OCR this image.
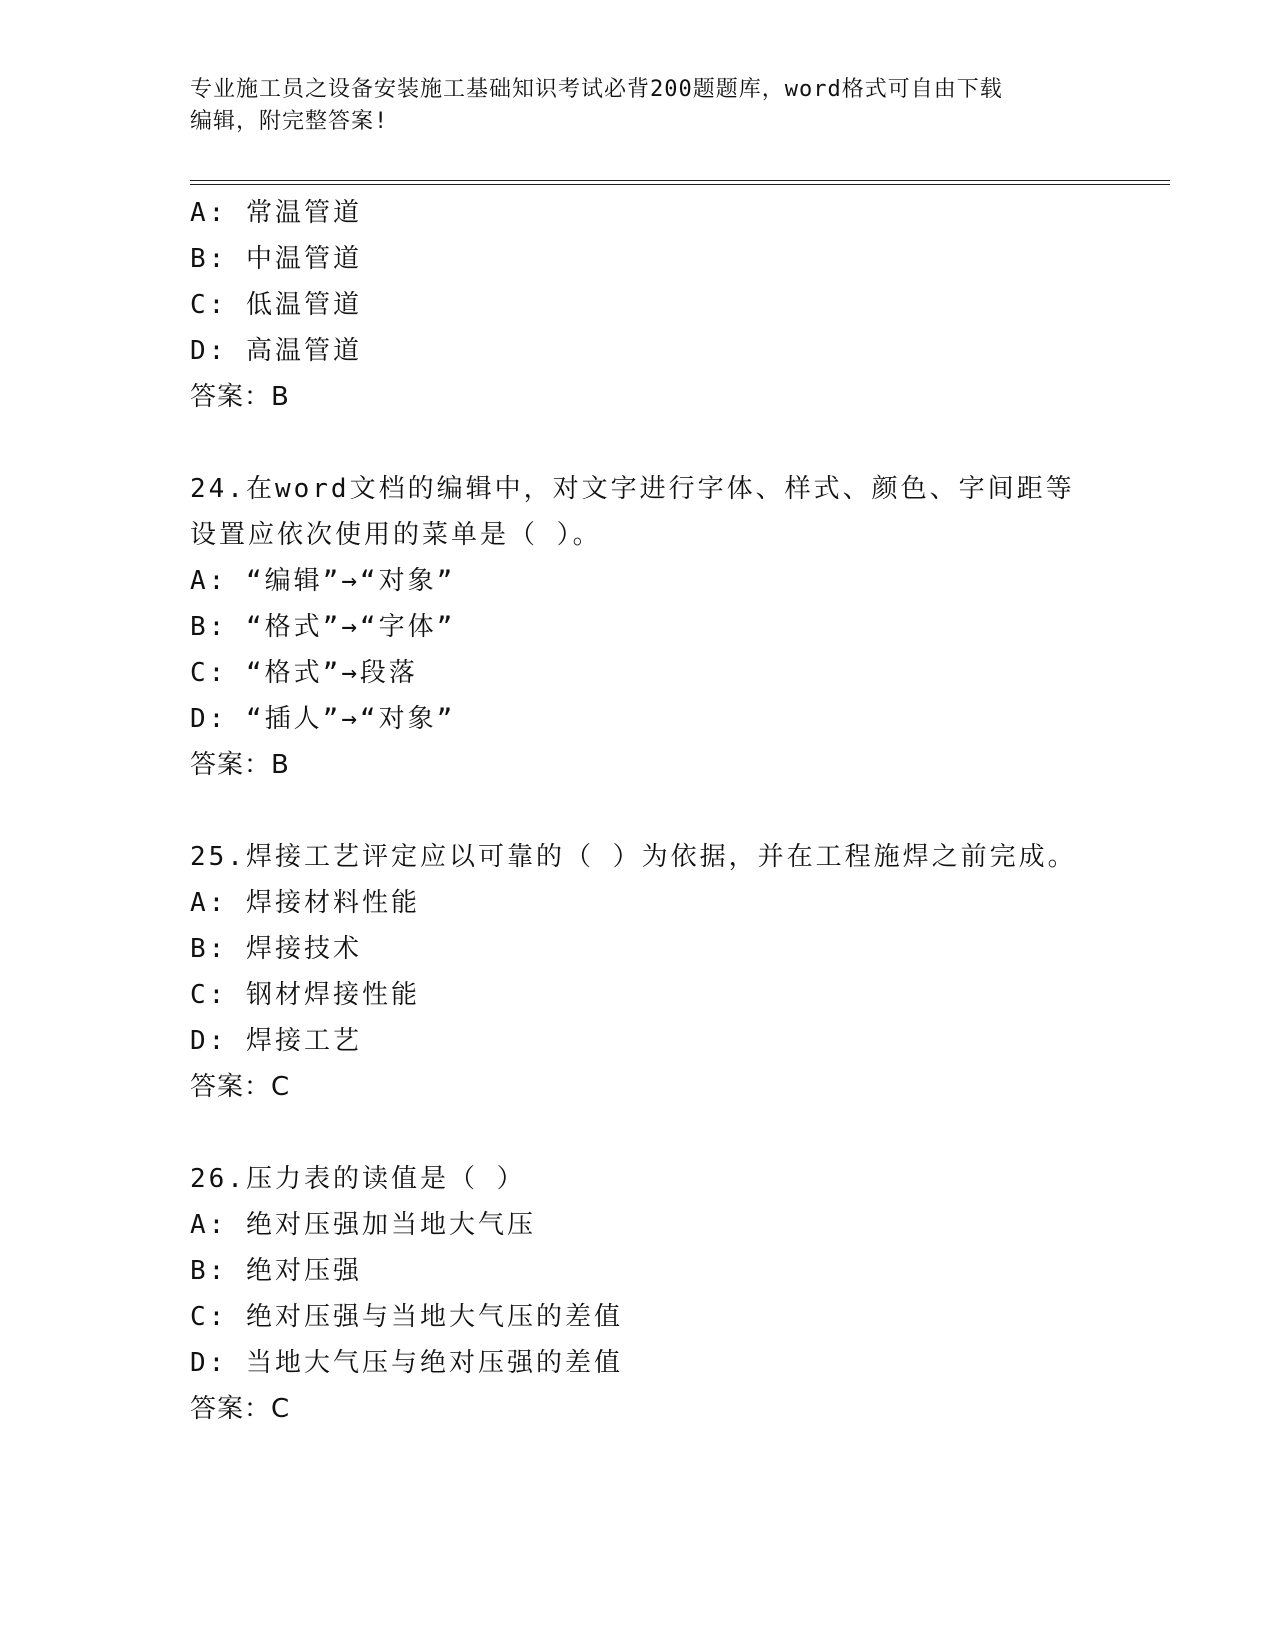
专业施工员之设备安装施工基础知识考试必背200题题库，word格式可自由下载
编辑，附完整答案!
A: 常温管道
B: 中温管道
C: 低温管道
D: 高温管道
答案：B
24.在word文档的编辑中，对文字进行字体、样式、颜色、字间距等
设置应依次使用的菜单是（ ）。
A: “编辑”→“对象”
B: “格式”→“字体”
C: “格式”→段落
D: “插人”→“对象”
答案：B
25.焊接工艺评定应以可靠的（ ）为依据，并在工程施焊之前完成。
A: 焊接材料性能
B: 焊接技术
C: 钢材焊接性能
D: 焊接工艺
答案：C
26.压力表的读值是（ ）
A: 绝对压强加当地大气压
B: 绝对压强
C: 绝对压强与当地大气压的差值
D: 当地大气压与绝对压强的差值
答案：C
